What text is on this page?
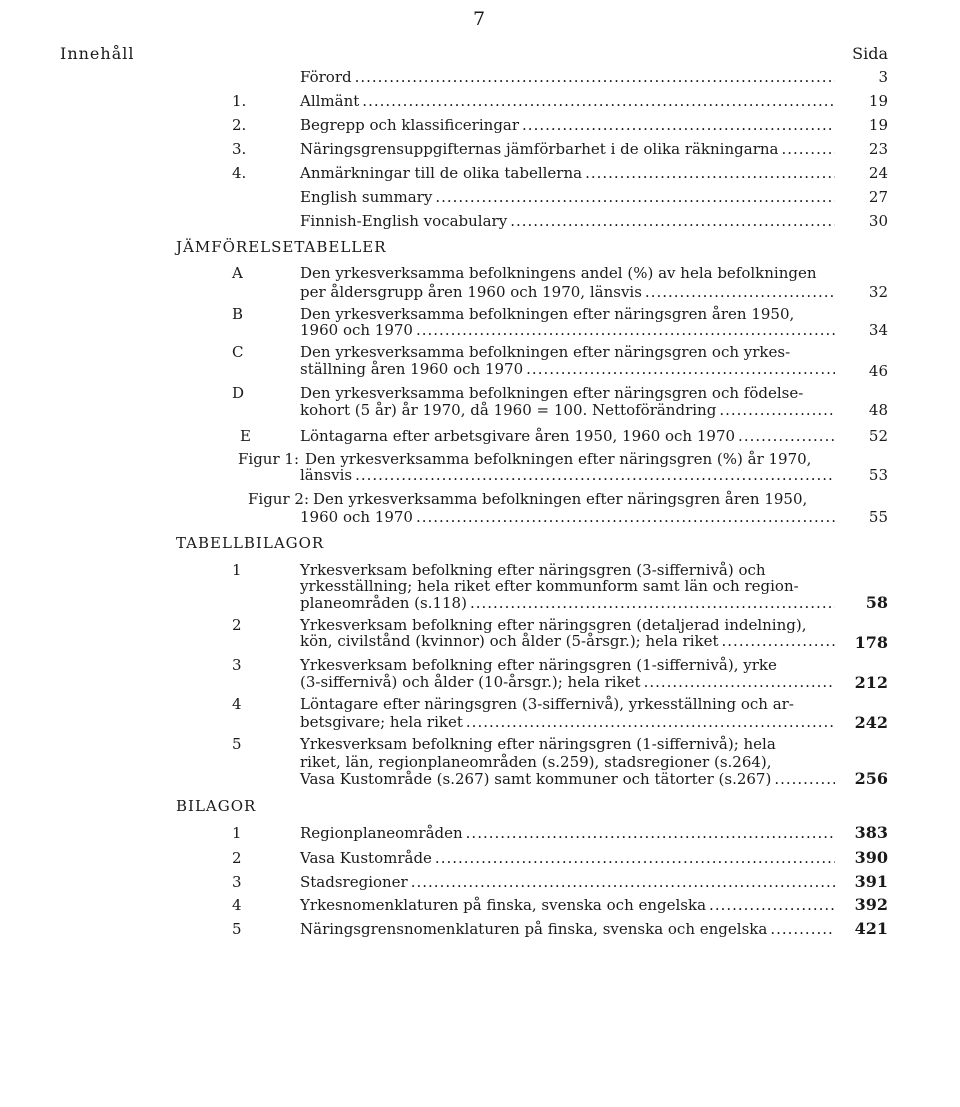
7
Innehåll	Sida
Förord .....	3
1.	Allmänt .....	19
2.	Begrepp och klassificeringar .....	19
3.	Näringsgrensuppgifternas jämförbarhet i de olika räkningarna .....	23
4.	Anmärkningar till de olika tabellerna .....	24
English summary .....	27
Finnish-English vocabulary .....	30
JÄMFÖRELSETABELLER
A	Den yrkesverksamma befolkningens andel (%) av hela befolkningen
per åldersgrupp åren 1960 och 1970, länsvis .....	32
B	Den yrkesverksamma befolkningen efter näringsgren åren 1950,
1960 och 1970 .....	34
C	Den yrkesverksamma befolkningen efter näringsgren och yrkes-
ställning åren 1960 och 1970 .....	46
D	Den yrkesverksamma befolkningen efter näringsgren och födelse-
kohort (5 år) år 1970, då 1960 = 100. Nettoförändring .....	48
E	Löntagarna efter arbetsgivare åren 1950, 1960 och 1970 .....	52
Figur 1: Den yrkesverksamma befolkningen efter näringsgren (%) år 1970,
länsvis .....	53
Figur 2: Den yrkesverksamma befolkningen efter näringsgren åren 1950,
1960 och 1970 .....	55
TABELLBILAGOR
1	Yrkesverksam befolkning efter näringsgren (3-siffernivå) och
yrkesställning; hela riket efter kommunform samt län och region-
planeområden (s.118) .....	58
2	Yrkesverksam befolkning efter näringsgren (detaljerad indelning),
kön, civilstånd (kvinnor) och ålder (5-årsgr.); hela riket .....	178
3	Yrkesverksam befolkning efter näringsgren (1-siffernivå), yrke
(3-siffernivå) och ålder (10-årsgr.); hela riket .....	212
4	Löntagare efter näringsgren (3-siffernivå), yrkesställning och ar-
betsgivare; hela riket .....	242
5	Yrkesverksam befolkning efter näringsgren (1-siffernivå); hela
riket, län, regionplaneområden (s.259), stadsregioner (s.264),
Vasa Kustområde (s.267) samt kommuner och tätorter (s.267) .....	256
BILAGOR
1	Regionplaneområden .....	383
2	Vasa Kustområde .....	390
3	Stadsregioner .....	391
4	Yrkesnomenklaturen på finska, svenska och engelska .....	392
5	Näringsgrensnomenklaturen på finska, svenska och engelska .....	421
